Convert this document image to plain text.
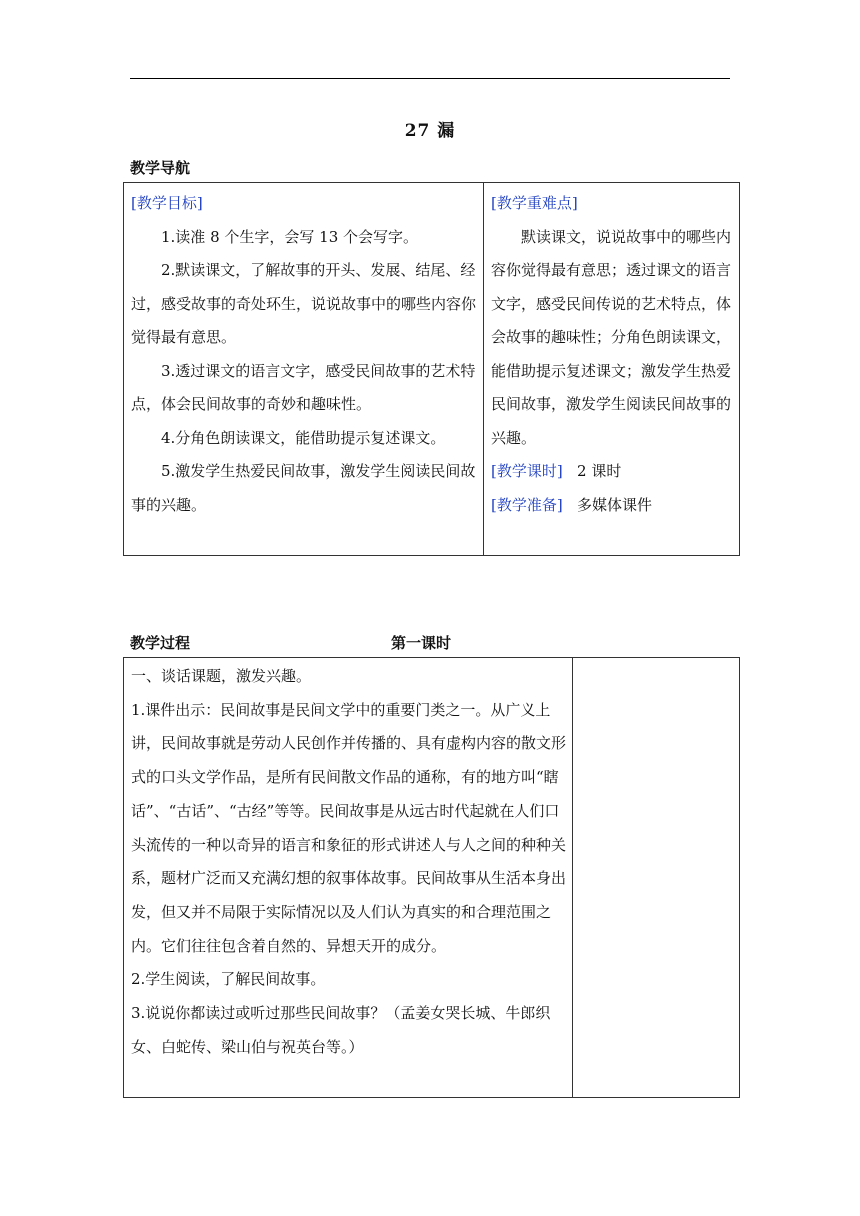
27 漏
教学导航

[教学目标]

1.读准 8 个生字，会写 13 个会写字。

2.默读课文，了解故事的开头、发展、结尾、经过，感受故事的奇处环生，说说故事中的哪些内容你觉得最有意思。

3.透过课文的语言文字，感受民间故事的艺术特点，体会民间故事的奇妙和趣味性。

4.分角色朗读课文，能借助提示复述课文。

5.激发学生热爱民间故事，激发学生阅读民间故事的兴趣。

[教学重难点]

默读课文，说说故事中的哪些内容你觉得最有意思；透过课文的语言文字，感受民间传说的艺术特点，体会故事的趣味性；分角色朗读课文，能借助提示复述课文；激发学生热爱民间故事，激发学生阅读民间故事的兴趣。

[教学课时] 2 课时

[教学准备] 多媒体课件

教学过程	第一课时

一、谈话课题，激发兴趣。

1.课件出示：民间故事是民间文学中的重要门类之一。从广义上讲，民间故事就是劳动人民创作并传播的、具有虚构内容的散文形式的口头文学作品，是所有民间散文作品的通称，有的地方叫“瞎话”、“古话”、“古经”等等。民间故事是从远古时代起就在人们口头流传的一种以奇异的语言和象征的形式讲述人与人之间的种种关系，题材广泛而又充满幻想的叙事体故事。民间故事从生活本身出发，但又并不局限于实际情况以及人们认为真实的和合理范围之内。它们往往包含着自然的、异想天开的成分。

2.学生阅读，了解民间故事。

3.说说你都读过或听过那些民间故事？（孟姜女哭长城、牛郎织女、白蛇传、梁山伯与祝英台等。）
